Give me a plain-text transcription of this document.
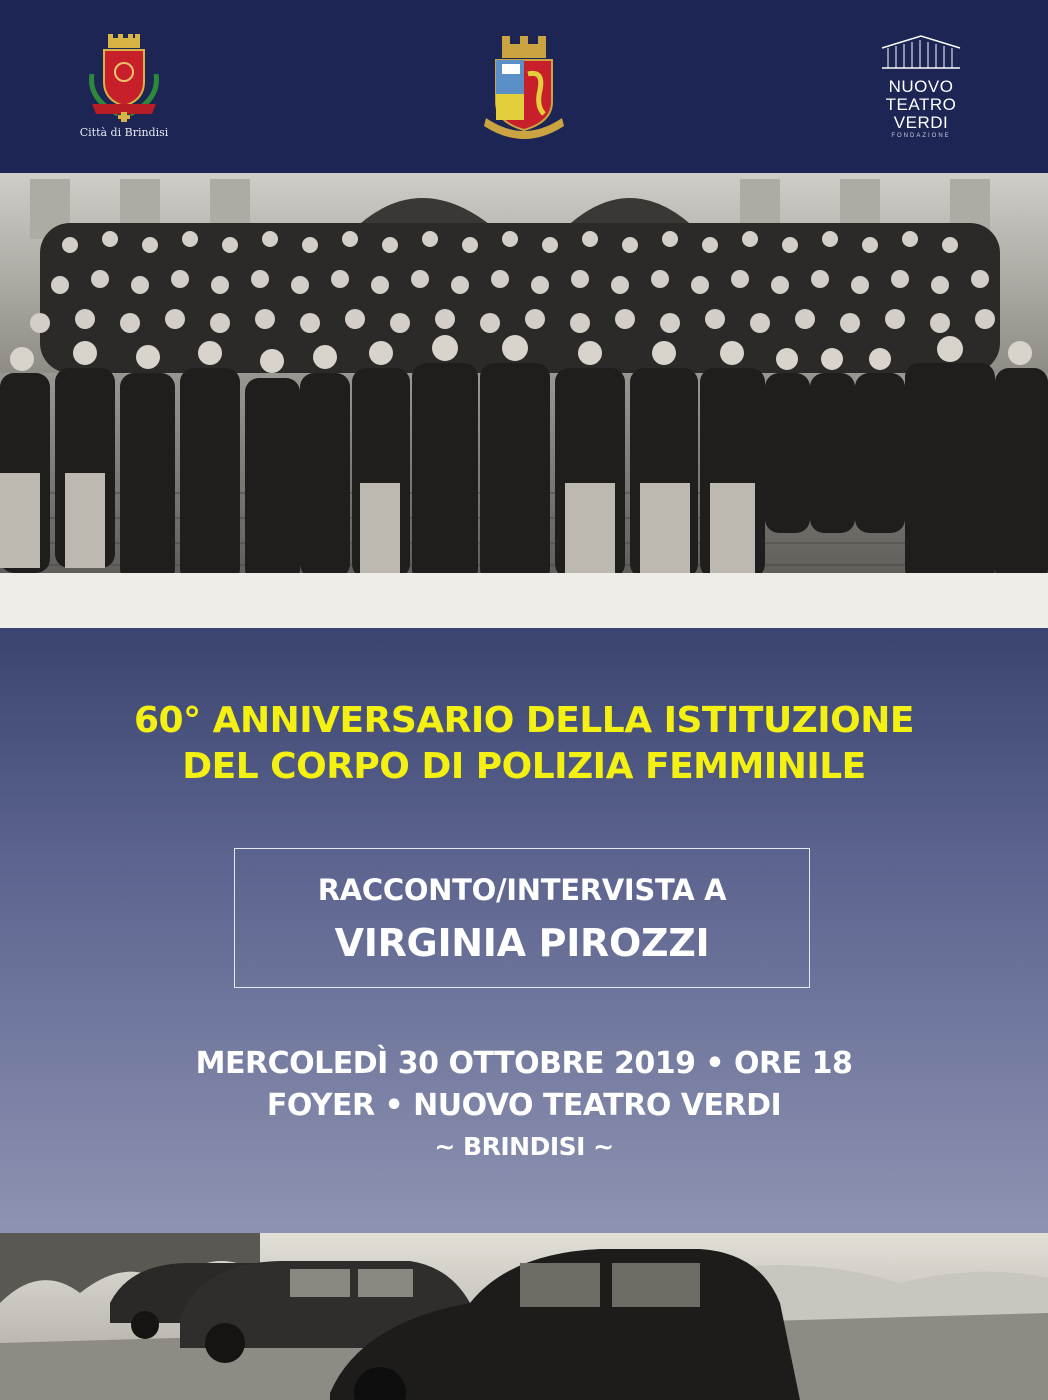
Città di Brindisi
NUOVO
TEATRO
VERDI
FONDAZIONE
60° ANNIVERSARIO DELLA ISTITUZIONE
DEL CORPO DI POLIZIA FEMMINILE
RACCONTO/INTERVISTA A
VIRGINIA PIROZZI
MERCOLEDÌ 30 OTTOBRE 2019 • ORE 18
FOYER • NUOVO TEATRO VERDI
~ BRINDISI ~
